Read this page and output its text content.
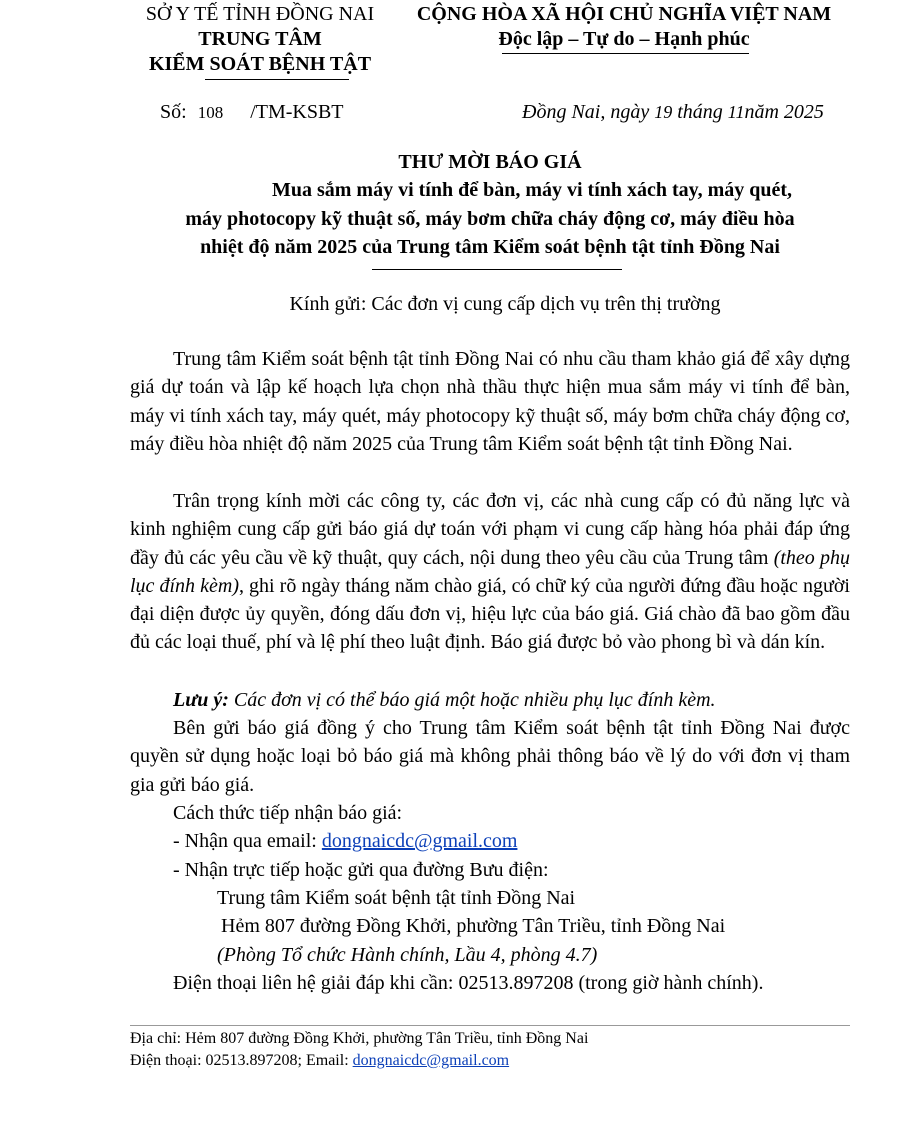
SỞ Y TẾ TỈNH ĐỒNG NAI
TRUNG TÂM
KIỂM SOÁT BỆNH TẬT
CỘNG HÒA XÃ HỘI CHỦ NGHĨA VIỆT NAM
Độc lập – Tự do – Hạnh phúc
Số: 108 /TM-KSBT	Đồng Nai, ngày 19 tháng 11năm 2025
THƯ MỜI BÁO GIÁ
Mua sắm máy vi tính để bàn, máy vi tính xách tay, máy quét,
máy photocopy kỹ thuật số, máy bơm chữa cháy động cơ, máy điều hòa
nhiệt độ năm 2025 của Trung tâm Kiểm soát bệnh tật tỉnh Đồng Nai
Kính gửi: Các đơn vị cung cấp dịch vụ trên thị trường
Trung tâm Kiểm soát bệnh tật tỉnh Đồng Nai có nhu cầu tham khảo giá để xây dựng giá dự toán và lập kế hoạch lựa chọn nhà thầu thực hiện mua sắm máy vi tính để bàn, máy vi tính xách tay, máy quét, máy photocopy kỹ thuật số, máy bơm chữa cháy động cơ, máy điều hòa nhiệt độ năm 2025 của Trung tâm Kiểm soát bệnh tật tỉnh Đồng Nai.
Trân trọng kính mời các công ty, các đơn vị, các nhà cung cấp có đủ năng lực và kinh nghiệm cung cấp gửi báo giá dự toán với phạm vi cung cấp hàng hóa phải đáp ứng đầy đủ các yêu cầu về kỹ thuật, quy cách, nội dung theo yêu cầu của Trung tâm (theo phụ lục đính kèm), ghi rõ ngày tháng năm chào giá, có chữ ký của người đứng đầu hoặc người đại diện được ủy quyền, đóng dấu đơn vị, hiệu lực của báo giá. Giá chào đã bao gồm đầu đủ các loại thuế, phí và lệ phí theo luật định. Báo giá được bỏ vào phong bì và dán kín.
Lưu ý: Các đơn vị có thể báo giá một hoặc nhiều phụ lục đính kèm.
Bên gửi báo giá đồng ý cho Trung tâm Kiểm soát bệnh tật tỉnh Đồng Nai được quyền sử dụng hoặc loại bỏ báo giá mà không phải thông báo về lý do với đơn vị tham gia gửi báo giá.
Cách thức tiếp nhận báo giá:
- Nhận qua email: dongnaicdc@gmail.com
- Nhận trực tiếp hoặc gửi qua đường Bưu điện:
Trung tâm Kiểm soát bệnh tật tỉnh Đồng Nai
Hẻm 807 đường Đồng Khởi, phường Tân Triều, tỉnh Đồng Nai
(Phòng Tổ chức Hành chính, Lầu 4, phòng 4.7)
Điện thoại liên hệ giải đáp khi cần: 02513.897208 (trong giờ hành chính).
Địa chỉ: Hẻm 807 đường Đồng Khởi, phường Tân Triều, tỉnh Đồng Nai
Điện thoại: 02513.897208; Email: dongnaicdc@gmail.com
